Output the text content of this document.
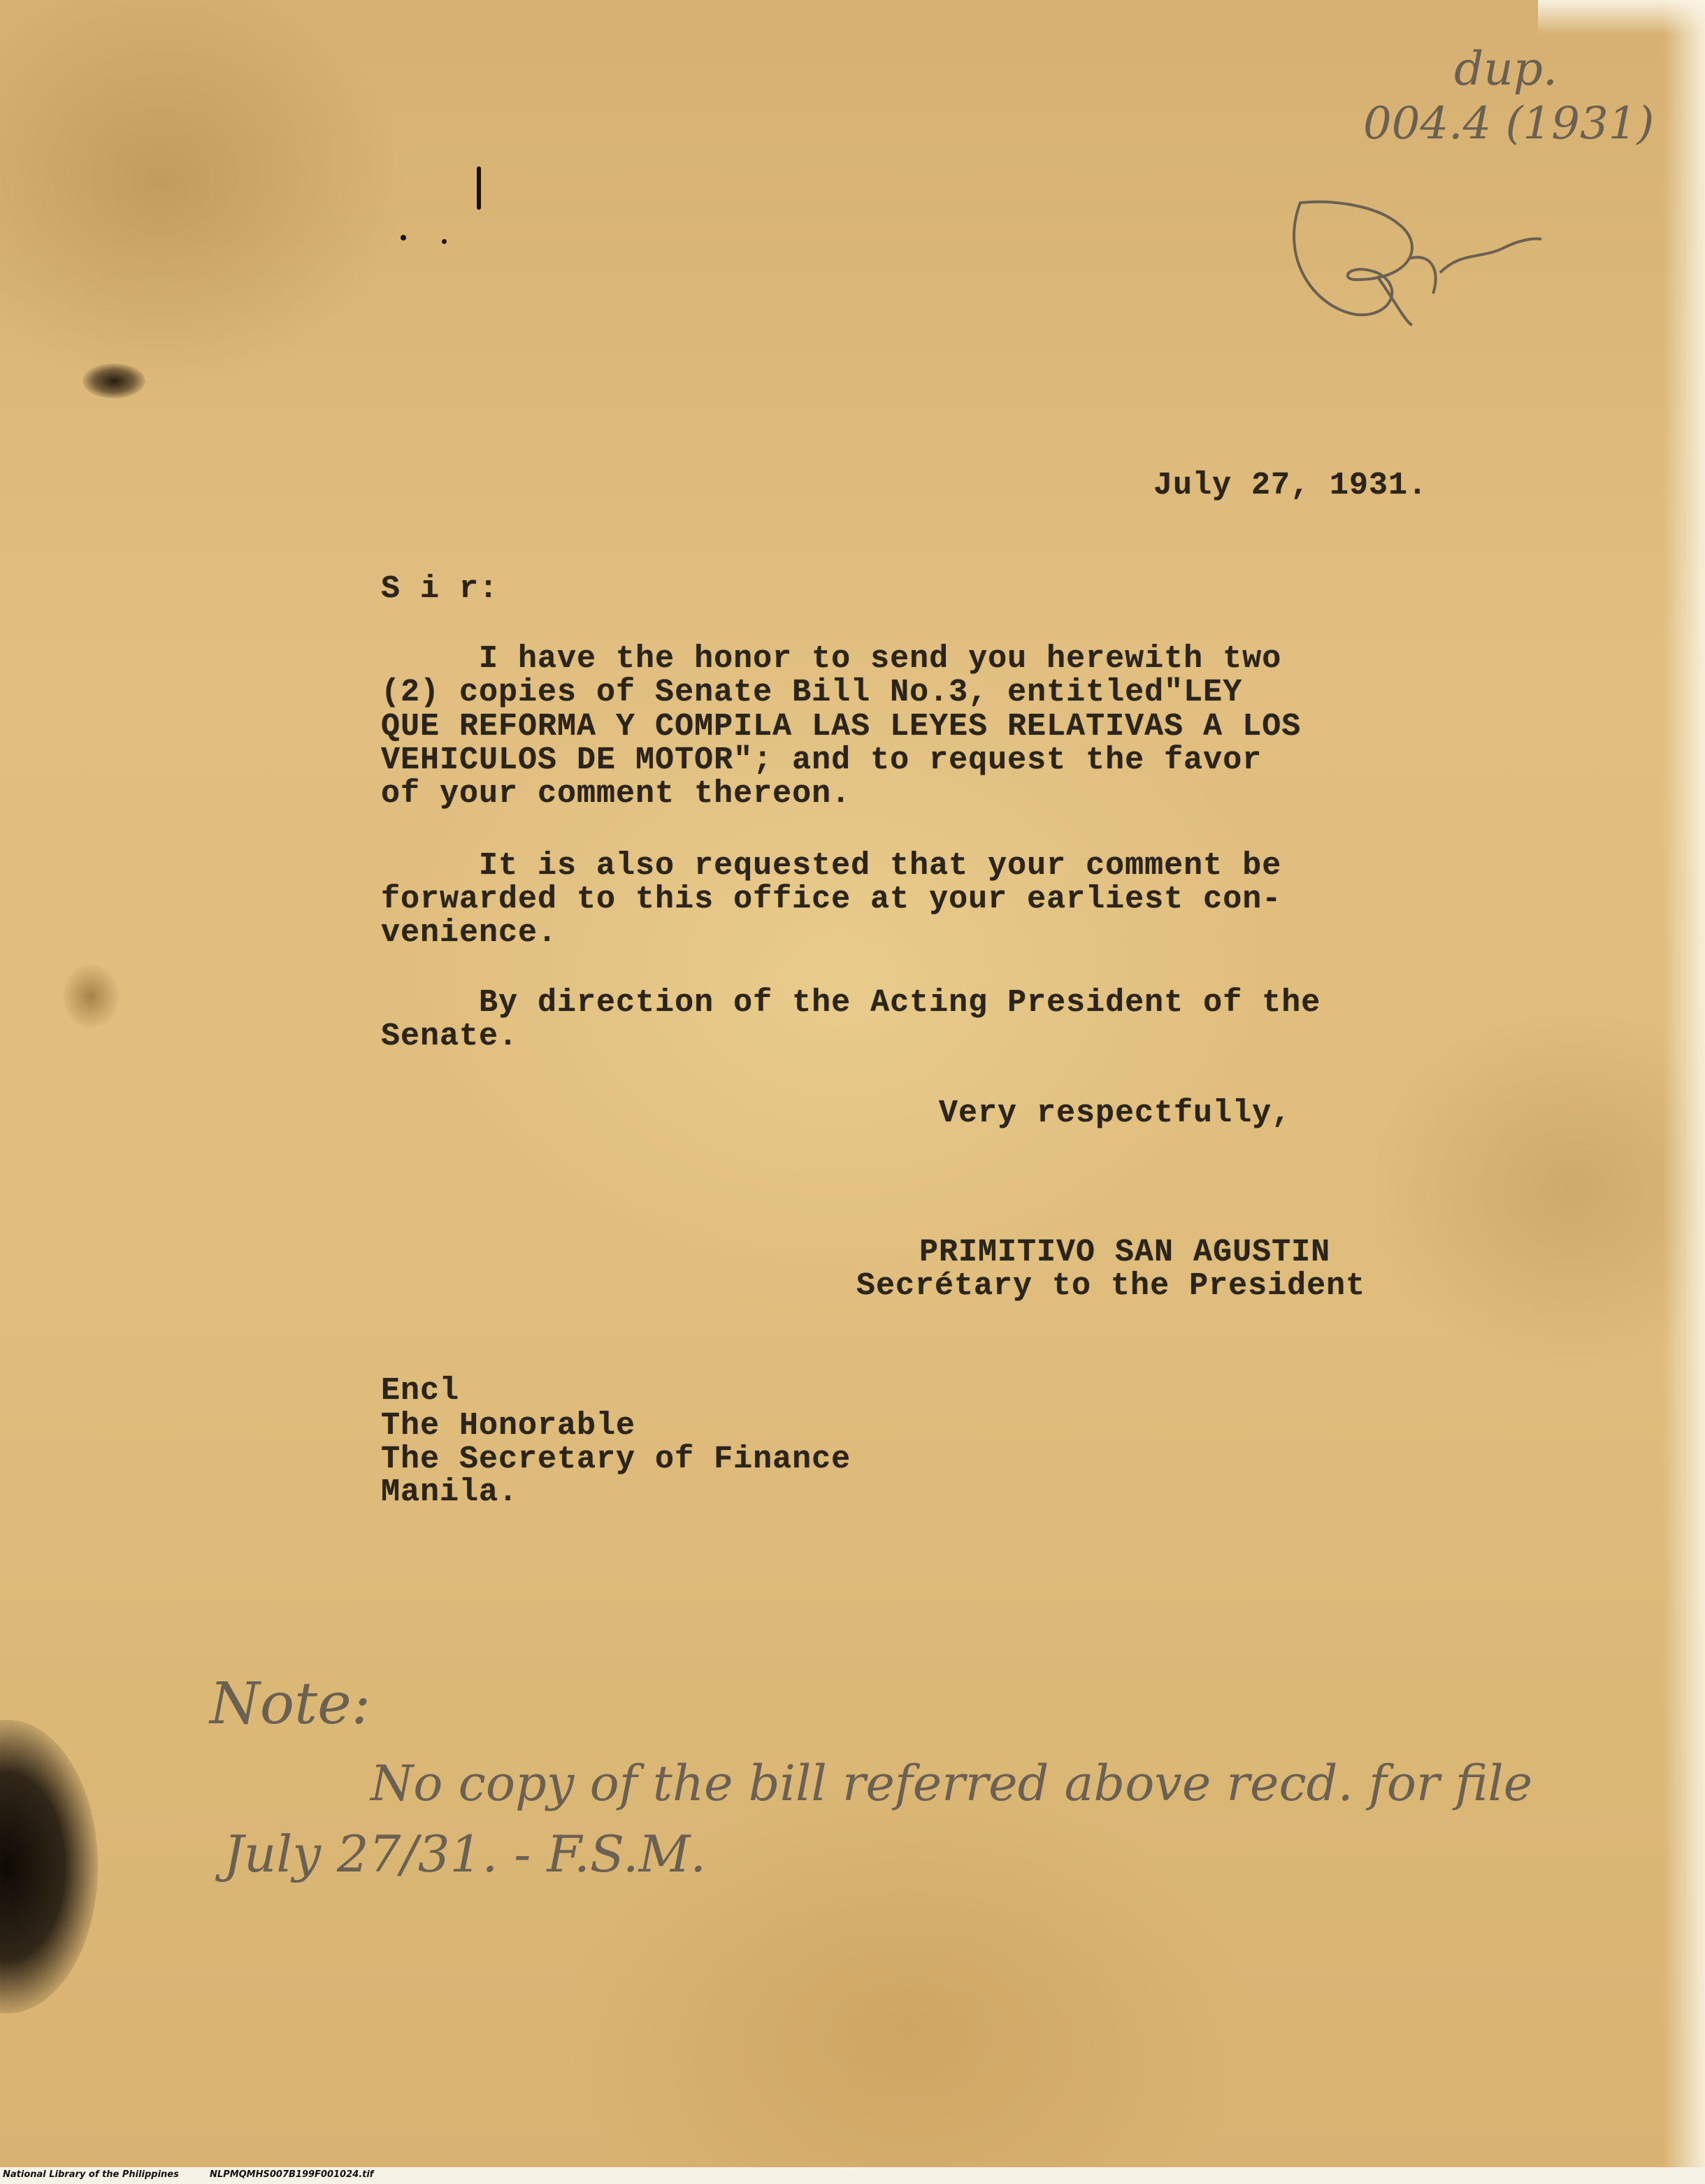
dup.
004.4 (1931)
July 27, 1931.
S i r:
I have the honor to send you herewith two
(2) copies of Senate Bill No.3, entitled"LEY
QUE REFORMA Y COMPILA LAS LEYES RELATIVAS A LOS
VEHICULOS DE MOTOR"; and to request the favor
of your comment thereon.
It is also requested that your comment be
forwarded to this office at your earliest con-
venience.
By direction of the Acting President of the
Senate.
Very respectfully,
PRIMITIVO SAN AGUSTIN
Secrétary to the President
Encl
The Honorable
The Secretary of Finance
Manila.
Note:
No copy of the bill referred above recd. for file
July 27/31. - F.S.M.
National Library of the Philippines	NLPMQMHS007B199F001024.tif
